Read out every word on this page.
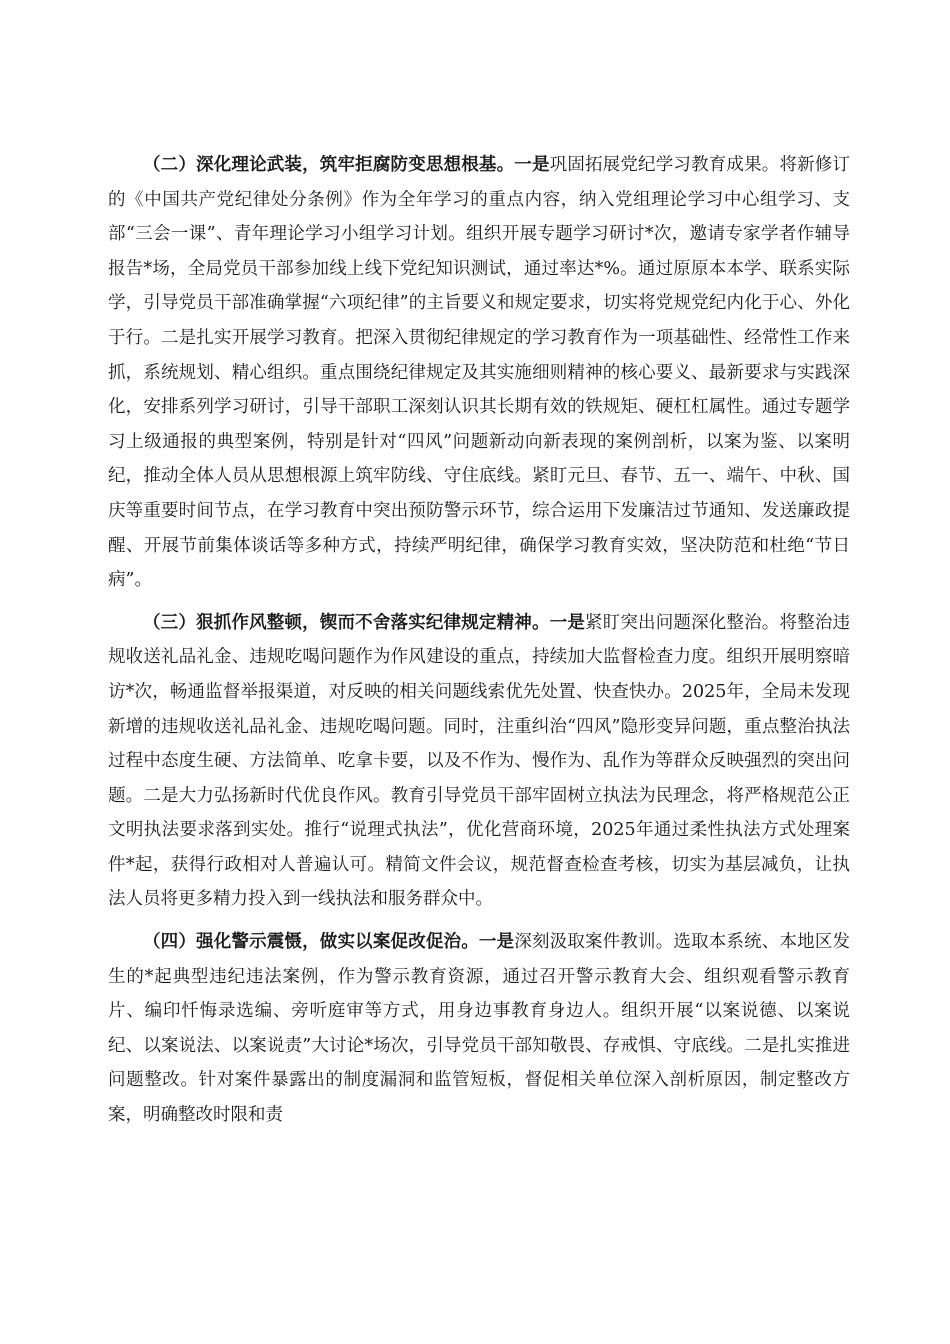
（二）深化理论武装，筑牢拒腐防变思想根基。一是巩固拓展党纪学习教育成果。将新修订的《中国共产党纪律处分条例》作为全年学习的重点内容，纳入党组理论学习中心组学习、支部“三会一课”、青年理论学习小组学习计划。组织开展专题学习研讨*次，邀请专家学者作辅导报告*场，全局党员干部参加线上线下党纪知识测试，通过率达*%。通过原原本本学、联系实际学，引导党员干部准确掌握“六项纪律”的主旨要义和规定要求，切实将党规党纪内化于心、外化于行。二是扎实开展学习教育。把深入贯彻纪律规定的学习教育作为一项基础性、经常性工作来抓，系统规划、精心组织。重点围绕纪律规定及其实施细则精神的核心要义、最新要求与实践深化，安排系列学习研讨，引导干部职工深刻认识其长期有效的铁规矩、硬杠杠属性。通过专题学习上级通报的典型案例，特别是针对“四风”问题新动向新表现的案例剖析，以案为鉴、以案明纪，推动全体人员从思想根源上筑牢防线、守住底线。紧盯元旦、春节、五一、端午、中秋、国庆等重要时间节点，在学习教育中突出预防警示环节，综合运用下发廉洁过节通知、发送廉政提醒、开展节前集体谈话等多种方式，持续严明纪律，确保学习教育实效，坚决防范和杜绝“节日病”。

（三）狠抓作风整顿，锲而不舍落实纪律规定精神。一是紧盯突出问题深化整治。将整治违规收送礼品礼金、违规吃喝问题作为作风建设的重点，持续加大监督检查力度。组织开展明察暗访*次，畅通监督举报渠道，对反映的相关问题线索优先处置、快查快办。2025年，全局未发现新增的违规收送礼品礼金、违规吃喝问题。同时，注重纠治“四风”隐形变异问题，重点整治执法过程中态度生硬、方法简单、吃拿卡要，以及不作为、慢作为、乱作为等群众反映强烈的突出问题。二是大力弘扬新时代优良作风。教育引导党员干部牢固树立执法为民理念，将严格规范公正文明执法要求落到实处。推行“说理式执法”，优化营商环境，2025年通过柔性执法方式处理案件*起，获得行政相对人普遍认可。精简文件会议，规范督查检查考核，切实为基层减负，让执法人员将更多精力投入到一线执法和服务群众中。

（四）强化警示震慑，做实以案促改促治。一是深刻汲取案件教训。选取本系统、本地区发生的*起典型违纪违法案例，作为警示教育资源，通过召开警示教育大会、组织观看警示教育片、编印忏悔录选编、旁听庭审等方式，用身边事教育身边人。组织开展“以案说德、以案说纪、以案说法、以案说责”大讨论*场次，引导党员干部知敬畏、存戒惧、守底线。二是扎实推进问题整改。针对案件暴露出的制度漏洞和监管短板，督促相关单位深入剖析原因，制定整改方案，明确整改时限和责
